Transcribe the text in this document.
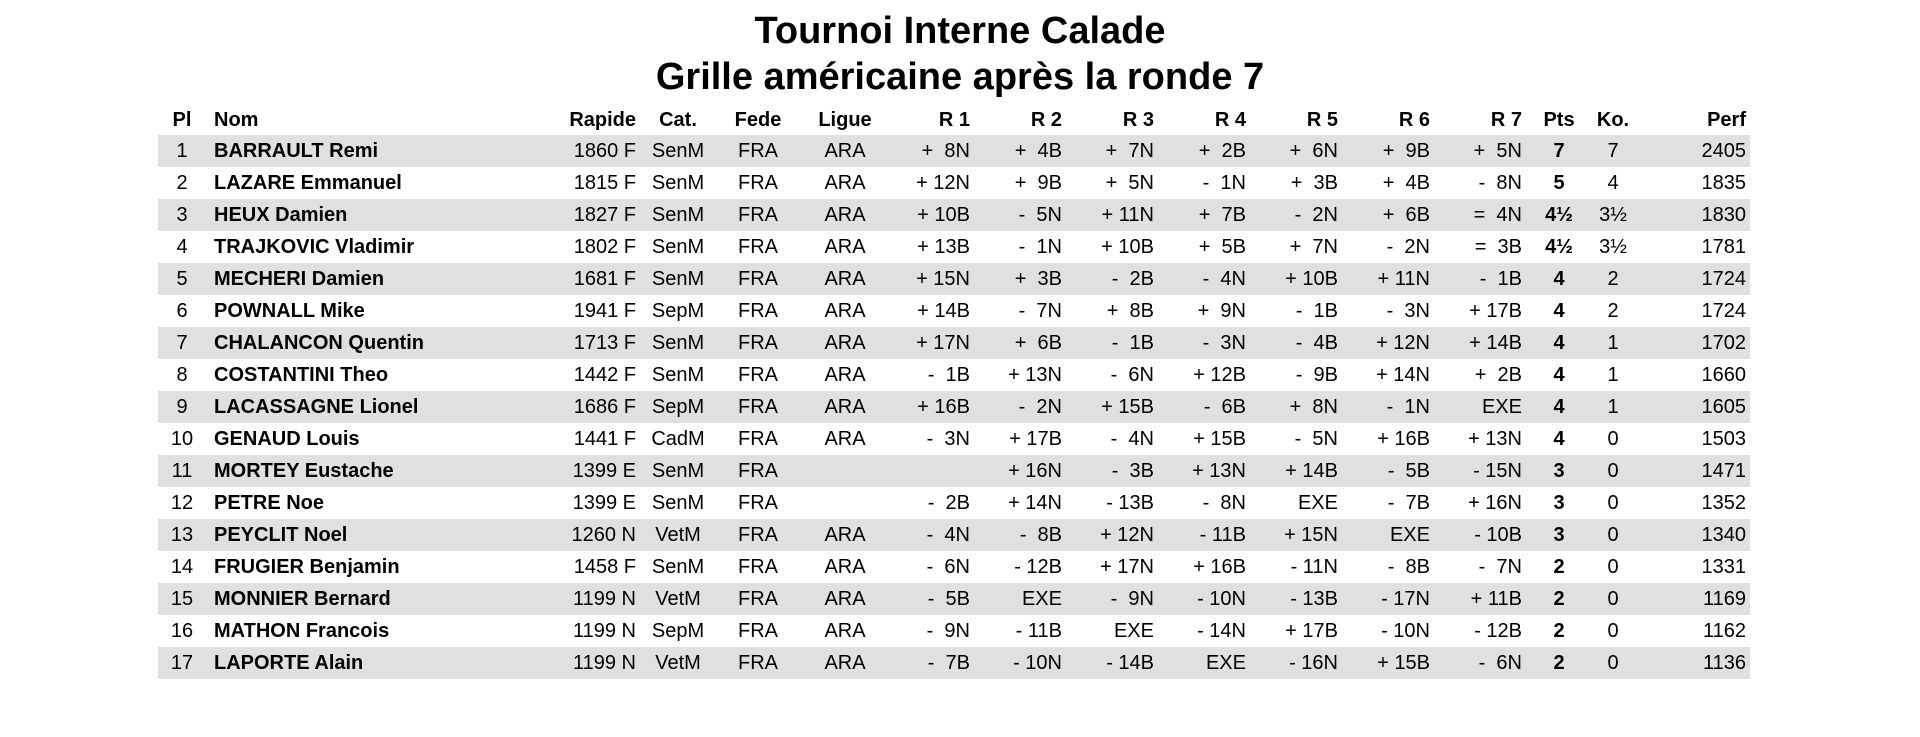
Tournoi Interne Calade
Grille américaine après la ronde 7
Pl	Nom	Rapide	Cat.	Fede	Ligue	R 1	R 2	R 3	R 4	R 5	R 6	R 7	Pts	Ko.	Perf
1	BARRAULT Remi	1860 F	SenM	FRA	ARA	+  8N	+  4B	+  7N	+  2B	+  6N	+  9B	+  5N	7	7	2405
2	LAZARE Emmanuel	1815 F	SenM	FRA	ARA	+ 12N	+  9B	+  5N	-  1N	+  3B	+  4B	-  8N	5	4	1835
3	HEUX Damien	1827 F	SenM	FRA	ARA	+ 10B	-  5N	+ 11N	+  7B	-  2N	+  6B	=  4N	4½	3½	1830
4	TRAJKOVIC Vladimir	1802 F	SenM	FRA	ARA	+ 13B	-  1N	+ 10B	+  5B	+  7N	-  2N	=  3B	4½	3½	1781
5	MECHERI Damien	1681 F	SenM	FRA	ARA	+ 15N	+  3B	-  2B	-  4N	+ 10B	+ 11N	-  1B	4	2	1724
6	POWNALL Mike	1941 F	SepM	FRA	ARA	+ 14B	-  7N	+  8B	+  9N	-  1B	-  3N	+ 17B	4	2	1724
7	CHALANCON Quentin	1713 F	SenM	FRA	ARA	+ 17N	+  6B	-  1B	-  3N	-  4B	+ 12N	+ 14B	4	1	1702
8	COSTANTINI Theo	1442 F	SenM	FRA	ARA	-  1B	+ 13N	-  6N	+ 12B	-  9B	+ 14N	+  2B	4	1	1660
9	LACASSAGNE Lionel	1686 F	SepM	FRA	ARA	+ 16B	-  2N	+ 15B	-  6B	+  8N	-  1N	EXE	4	1	1605
10	GENAUD Louis	1441 F	CadM	FRA	ARA	-  3N	+ 17B	-  4N	+ 15B	-  5N	+ 16B	+ 13N	4	0	1503
11	MORTEY Eustache	1399 E	SenM	FRA			+ 16N	-  3B	+ 13N	+ 14B	-  5B	- 15N	3	0	1471
12	PETRE Noe	1399 E	SenM	FRA		-  2B	+ 14N	- 13B	-  8N	EXE	-  7B	+ 16N	3	0	1352
13	PEYCLIT Noel	1260 N	VetM	FRA	ARA	-  4N	-  8B	+ 12N	- 11B	+ 15N	EXE	- 10B	3	0	1340
14	FRUGIER Benjamin	1458 F	SenM	FRA	ARA	-  6N	- 12B	+ 17N	+ 16B	- 11N	-  8B	-  7N	2	0	1331
15	MONNIER Bernard	1199 N	VetM	FRA	ARA	-  5B	EXE	-  9N	- 10N	- 13B	- 17N	+ 11B	2	0	1169
16	MATHON Francois	1199 N	SepM	FRA	ARA	-  9N	- 11B	EXE	- 14N	+ 17B	- 10N	- 12B	2	0	1162
17	LAPORTE Alain	1199 N	VetM	FRA	ARA	-  7B	- 10N	- 14B	EXE	- 16N	+ 15B	-  6N	2	0	1136
